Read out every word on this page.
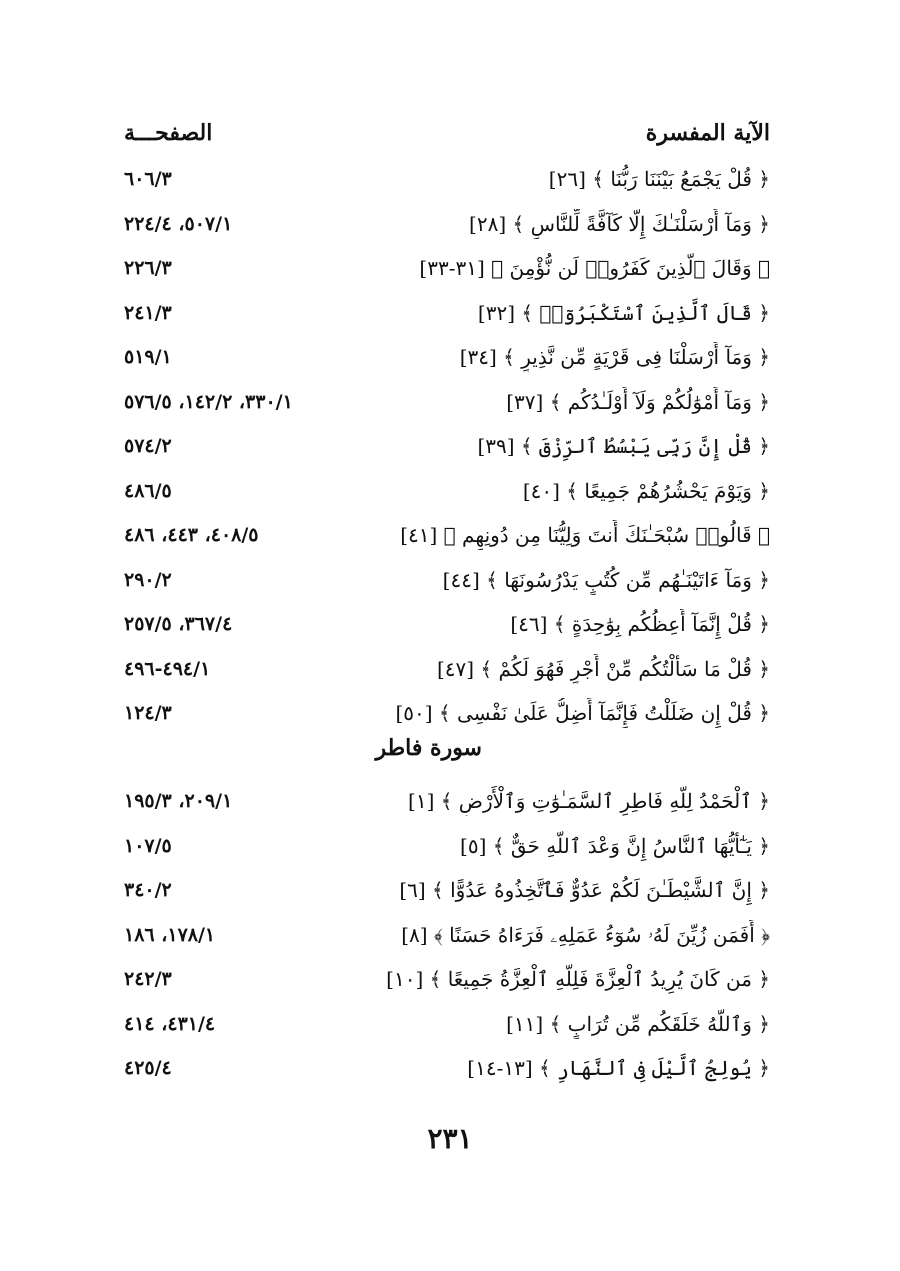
الآية المفسرة
الصفحـــة
﴿ قُلْ يَجْمَعُ بَيْنَنَا رَبُّنَا ﴾ [٢٦]
٦٠٦/٣
﴿ وَمَآ أَرْسَلْنَـٰكَ إِلَّا كَآفَّةً لِّلنَّاسِ ﴾ [٢٨]
٥٠٧/١، ٢٢٤/٤
﴿ وَقَالَ ٱلَّذِينَ كَفَرُوا۟ لَن نُّؤْمِنَ ﴾ [٣١-٣٣]
٢٢٦/٣
﴿ قَالَ ٱلَّذِينَ ٱسْتَكْبَرُوٓا۟ ﴾ [٣٢]
٢٤١/٣
﴿ وَمَآ أَرْسَلْنَا فِى قَرْيَةٍ مِّن نَّذِيرٍ ﴾ [٣٤]
٥١٩/١
﴿ وَمَآ أَمْوَٰلُكُمْ وَلَآ أَوْلَـٰدُكُم ﴾ [٣٧]
٣٣٠/١، ١٤٢/٢، ٥٧٦/٥
﴿ قُلْ إِنَّ رَبِّى يَبْسُطُ ٱلرِّزْقَ ﴾ [٣٩]
٥٧٤/٢
﴿ وَيَوْمَ يَحْشُرُهُمْ جَمِيعًا ﴾ [٤٠]
٤٨٦/٥
﴿ قَالُوا۟ سُبْحَـٰنَكَ أَنتَ وَلِيُّنَا مِن دُونِهِم ﴾ [٤١]
٤٠٨/٥، ٤٤٣، ٤٨٦
﴿ وَمَآ ءَاتَيْنَـٰهُم مِّن كُتُبٍ يَدْرُسُونَهَا ﴾ [٤٤]
٢٩٠/٢
﴿ قُلْ إِنَّمَآ أَعِظُكُم بِوَٰحِدَةٍ ﴾ [٤٦]
٣٦٧/٤، ٢٥٧/٥
﴿ قُلْ مَا سَأَلْتُكُم مِّنْ أَجْرٍ فَهُوَ لَكُمْ ﴾ [٤٧]
٤٩٤/١-٤٩٦
﴿ قُلْ إِن ضَلَلْتُ فَإِنَّمَآ أَضِلُّ عَلَىٰ نَفْسِى ﴾ [٥٠]
١٢٤/٣
سورة فاطر
﴿ ٱلْحَمْدُ لِلَّهِ فَاطِرِ ٱلسَّمَـٰوَٰتِ وَٱلْأَرْضِ ﴾ [١]
٢٠٩/١، ١٩٥/٣
﴿ يَـٰٓأَيُّهَا ٱلنَّاسُ إِنَّ وَعْدَ ٱللَّهِ حَقٌّ ﴾ [٥]
١٠٧/٥
﴿ إِنَّ ٱلشَّيْطَـٰنَ لَكُمْ عَدُوٌّ فَٱتَّخِذُوهُ عَدُوًّا ﴾ [٦]
٣٤٠/٢
﴿ أَفَمَن زُيِّنَ لَهُۥ سُوٓءُ عَمَلِهِۦ فَرَءَاهُ حَسَنًا ﴾ [٨]
١٧٨/١، ١٨٦
﴿ مَن كَانَ يُرِيدُ ٱلْعِزَّةَ فَلِلَّهِ ٱلْعِزَّةُ جَمِيعًا ﴾ [١٠]
٢٤٢/٣
﴿ وَٱللَّهُ خَلَقَكُم مِّن تُرَابٍ ﴾ [١١]
٤٣١/٤، ٤١٤
﴿ يُولِجُ ٱلَّيْلَ فِى ٱلنَّهَارِ ﴾ [١٣-١٤]
٤٢٥/٤
٢٣١
